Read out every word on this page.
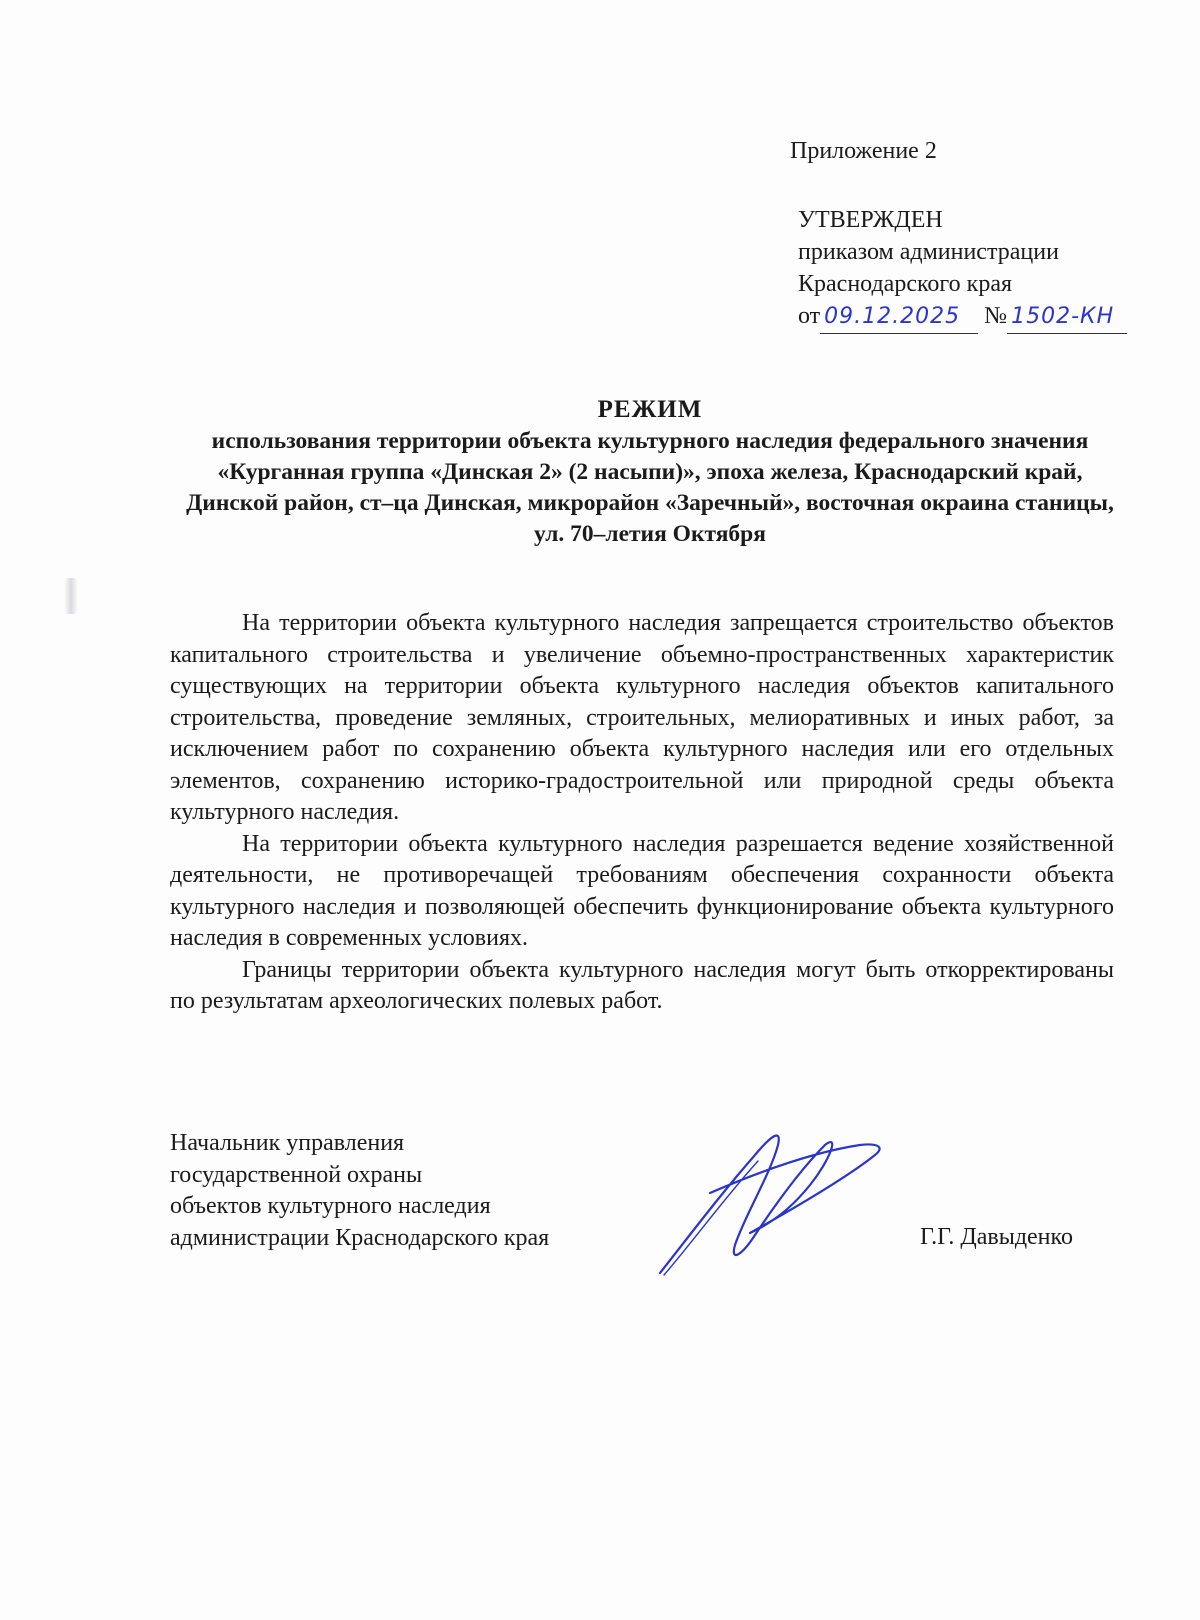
Приложение 2
УТВЕРЖДЕН
приказом администрации
Краснодарского края
от 09.12.2025 № 1502-КН
РЕЖИМ
использования территории объекта культурного наследия федерального значения «Курганная группа «Динская 2» (2 насыпи)», эпоха железа, Краснодарский край, Динской район, ст–ца Динская, микрорайон «Заречный», восточная окраина станицы, ул. 70–летия Октября

На территории объекта культурного наследия запрещается строительство объектов капитального строительства и увеличение объемно-пространственных характеристик существующих на территории объекта культурного наследия объектов капитального строительства, проведение земляных, строительных, мелиоративных и иных работ, за исключением работ по сохранению объекта культурного наследия или его отдельных элементов, сохранению историко-градостроительной или природной среды объекта культурного наследия.

На территории объекта культурного наследия разрешается ведение хозяйственной деятельности, не противоречащей требованиям обеспечения сохранности объекта культурного наследия и позволяющей обеспечить функционирование объекта культурного наследия в современных условиях.

Границы территории объекта культурного наследия могут быть откорректированы по результатам археологических полевых работ.

Начальник управления
государственной охраны
объектов культурного наследия
администрации Краснодарского края	Г.Г. Давыденко
